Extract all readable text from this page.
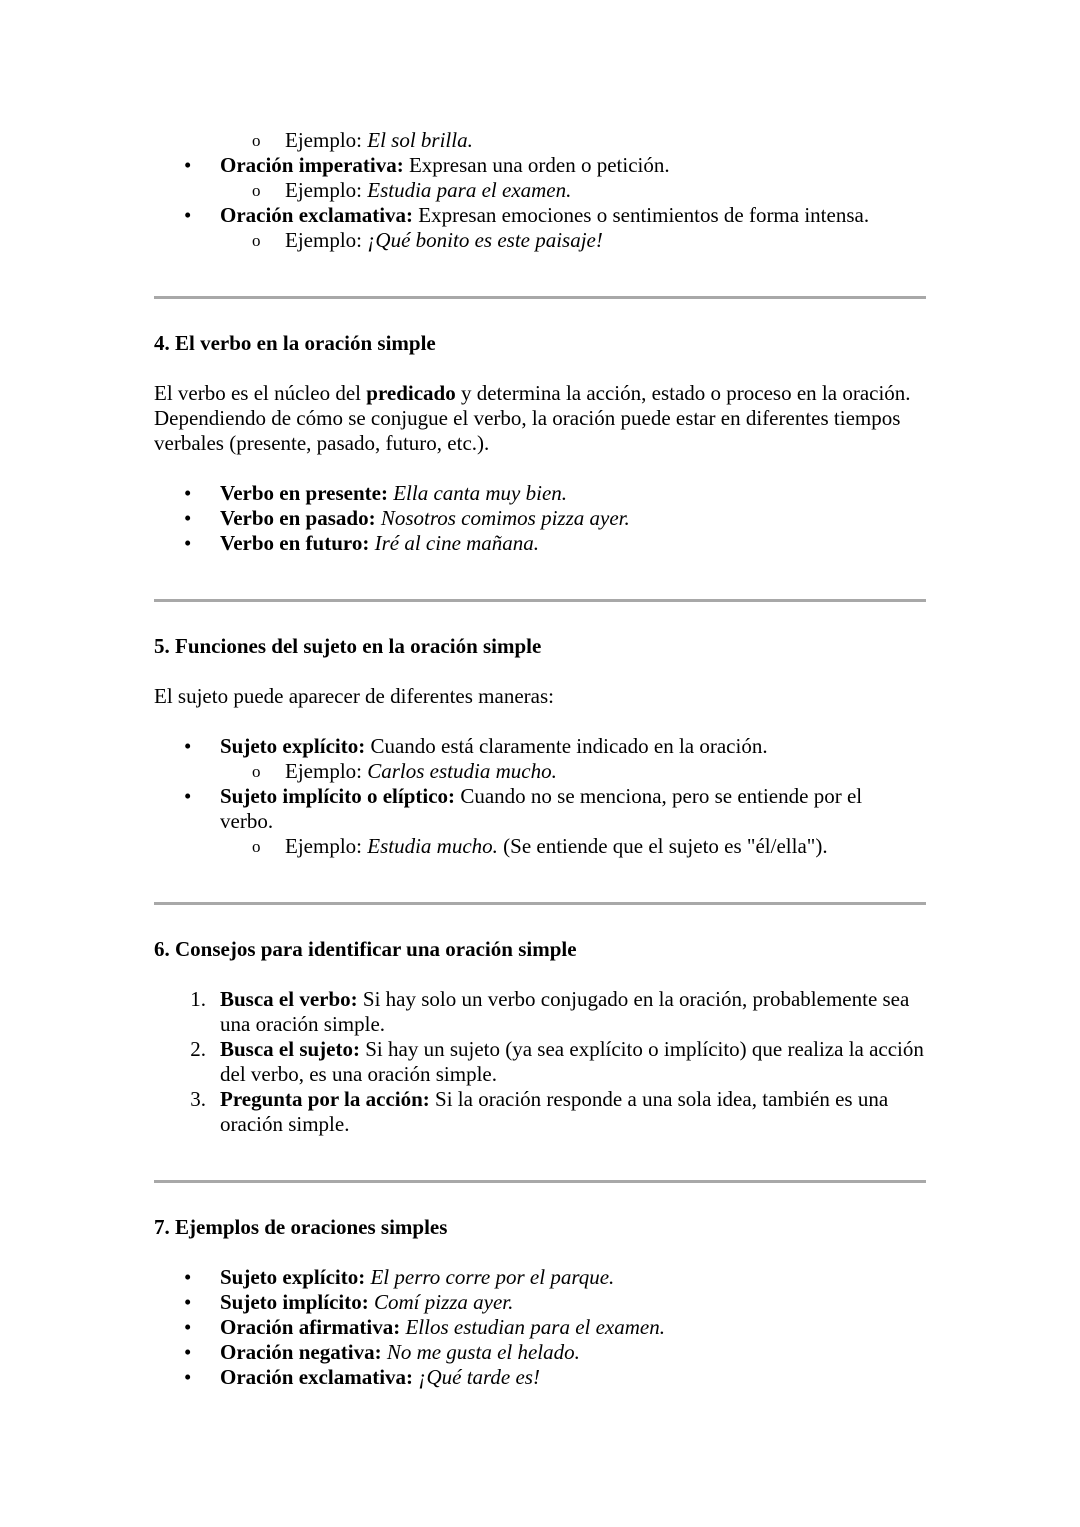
o Ejemplo: El sol brilla.
• Oración imperativa: Expresan una orden o petición.
o Ejemplo: Estudia para el examen.
• Oración exclamativa: Expresan emociones o sentimientos de forma intensa.
o Ejemplo: ¡Qué bonito es este paisaje!
4. El verbo en la oración simple

El verbo es el núcleo del predicado y determina la acción, estado o proceso en la oración. Dependiendo de cómo se conjugue el verbo, la oración puede estar en diferentes tiempos verbales (presente, pasado, futuro, etc.).

• Verbo en presente: Ella canta muy bien.
• Verbo en pasado: Nosotros comimos pizza ayer.
• Verbo en futuro: Iré al cine mañana.
5. Funciones del sujeto en la oración simple

El sujeto puede aparecer de diferentes maneras:

• Sujeto explícito: Cuando está claramente indicado en la oración.
o Ejemplo: Carlos estudia mucho.
• Sujeto implícito o elíptico: Cuando no se menciona, pero se entiende por el verbo.
o Ejemplo: Estudia mucho. (Se entiende que el sujeto es "él/ella").
6. Consejos para identificar una oración simple
1. Busca el verbo: Si hay solo un verbo conjugado en la oración, probablemente sea una oración simple.
2. Busca el sujeto: Si hay un sujeto (ya sea explícito o implícito) que realiza la acción del verbo, es una oración simple.
3. Pregunta por la acción: Si la oración responde a una sola idea, también es una oración simple.
7. Ejemplos de oraciones simples
• Sujeto explícito: El perro corre por el parque.
• Sujeto implícito: Comí pizza ayer.
• Oración afirmativa: Ellos estudian para el examen.
• Oración negativa: No me gusta el helado.
• Oración exclamativa: ¡Qué tarde es!
